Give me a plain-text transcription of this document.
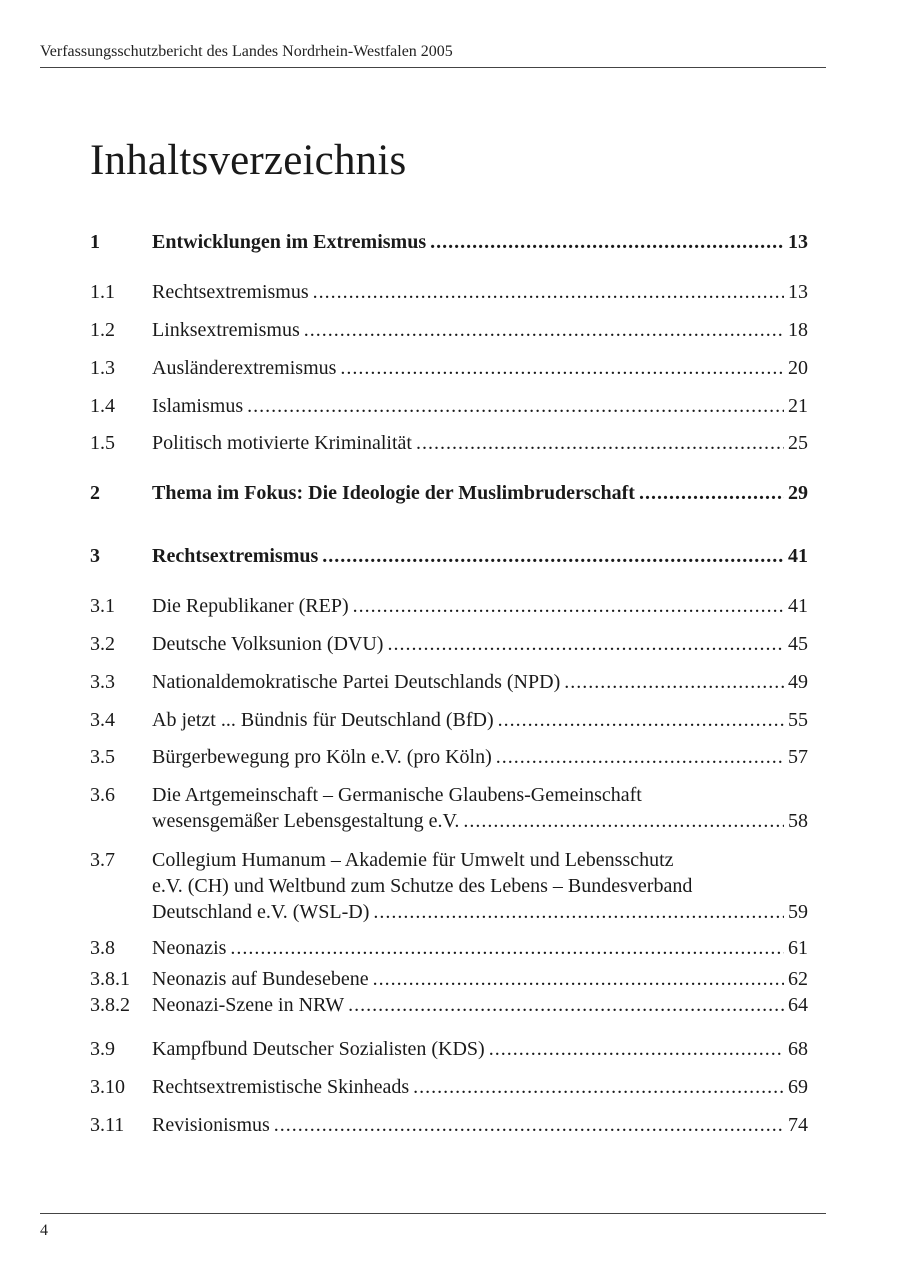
Verfassungsschutzbericht des Landes Nordrhein-Westfalen 2005
Inhaltsverzeichnis
1	Entwicklungen im Extremismus .....	13
1.1 Rechtsextremismus .....	13
1.2 Linksextremismus .....	18
1.3 Ausländerextremismus .....	20
1.4 Islamismus .....	21
1.5 Politisch motivierte Kriminalität .....	25
2	Thema im Fokus: Die Ideologie der Muslimbruderschaft .....	29
3	Rechtsextremismus .....	41
3.1 Die Republikaner (REP) .....	41
3.2 Deutsche Volksunion (DVU) .....	45
3.3 Nationaldemokratische Partei Deutschlands (NPD) .....	49
3.4 Ab jetzt ... Bündnis für Deutschland (BfD) .....	55
3.5 Bürgerbewegung pro Köln e.V. (pro Köln) .....	57
3.6 Die Artgemeinschaft – Germanische Glaubens-Gemeinschaft
wesensgemäßer Lebensgestaltung e.V. .....	58
3.7 Collegium Humanum – Akademie für Umwelt und Lebensschutz
e.V. (CH) und Weltbund zum Schutze des Lebens – Bundesverband
Deutschland e.V. (WSL-D) .....	59
3.8 Neonazis .....	61
3.8.1 Neonazis auf Bundesebene .....	62
3.8.2 Neonazi-Szene in NRW .....	64
3.9 Kampfbund Deutscher Sozialisten (KDS) .....	68
3.10 Rechtsextremistische Skinheads .....	69
3.11 Revisionismus .....	74
4
